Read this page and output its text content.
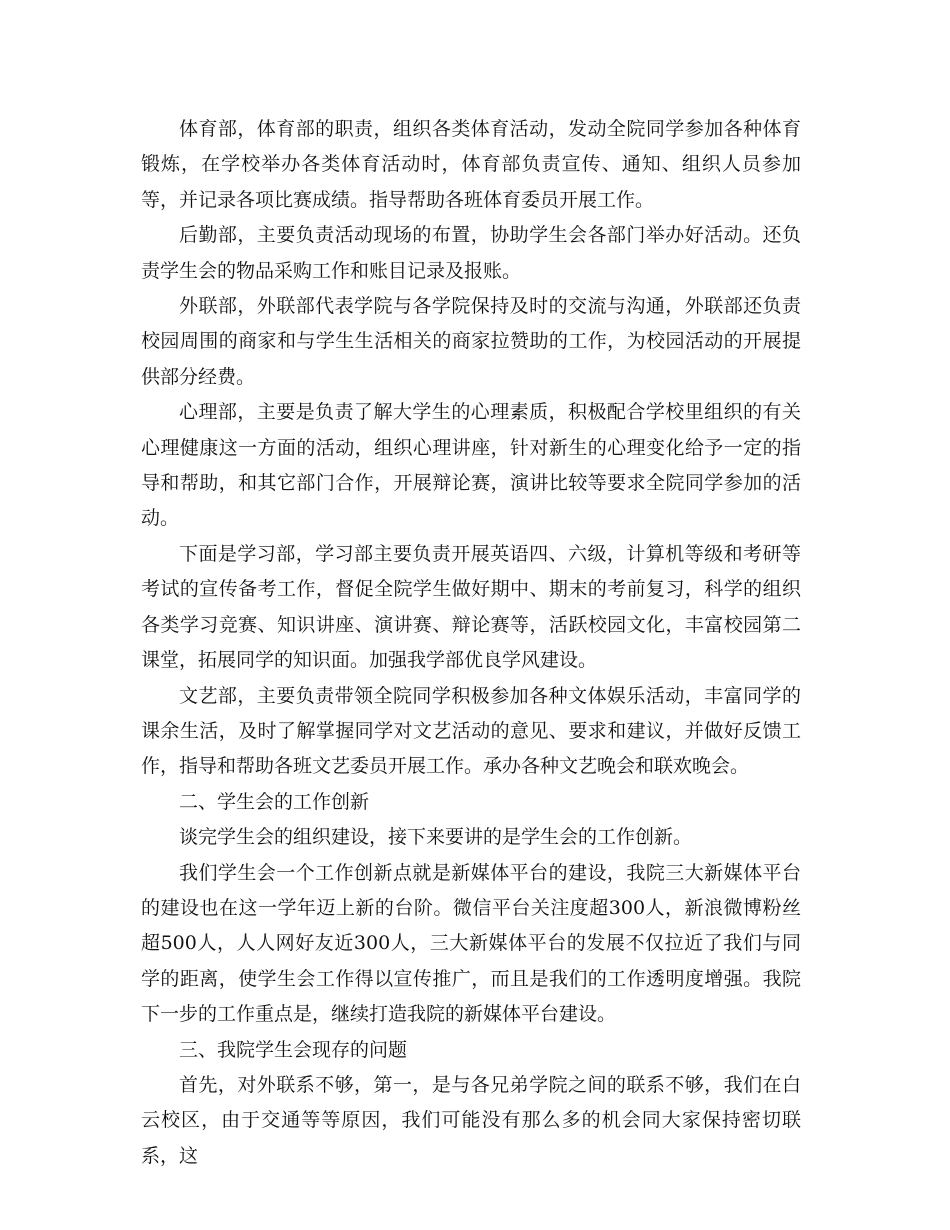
体育部，体育部的职责，组织各类体育活动，发动全院同学参加各种体育锻炼，在学校举办各类体育活动时，体育部负责宣传、通知、组织人员参加等，并记录各项比赛成绩。指导帮助各班体育委员开展工作。

后勤部，主要负责活动现场的布置，协助学生会各部门举办好活动。还负责学生会的物品采购工作和账目记录及报账。

外联部，外联部代表学院与各学院保持及时的交流与沟通，外联部还负责校园周围的商家和与学生生活相关的商家拉赞助的工作，为校园活动的开展提供部分经费。

心理部，主要是负责了解大学生的心理素质，积极配合学校里组织的有关心理健康这一方面的活动，组织心理讲座，针对新生的心理变化给予一定的指导和帮助，和其它部门合作，开展辩论赛，演讲比较等要求全院同学参加的活动。

下面是学习部，学习部主要负责开展英语四、六级，计算机等级和考研等考试的宣传备考工作，督促全院学生做好期中、期末的考前复习，科学的组织各类学习竞赛、知识讲座、演讲赛、辩论赛等，活跃校园文化，丰富校园第二课堂，拓展同学的知识面。加强我学部优良学风建设。

文艺部，主要负责带领全院同学积极参加各种文体娱乐活动，丰富同学的课余生活，及时了解掌握同学对文艺活动的意见、要求和建议，并做好反馈工作，指导和帮助各班文艺委员开展工作。承办各种文艺晚会和联欢晚会。

二、学生会的工作创新

谈完学生会的组织建设，接下来要讲的是学生会的工作创新。

我们学生会一个工作创新点就是新媒体平台的建设，我院三大新媒体平台的建设也在这一学年迈上新的台阶。微信平台关注度超300人，新浪微博粉丝超500人，人人网好友近300人，三大新媒体平台的发展不仅拉近了我们与同学的距离，使学生会工作得以宣传推广，而且是我们的工作透明度增强。我院下一步的工作重点是，继续打造我院的新媒体平台建设。

三、我院学生会现存的问题

首先，对外联系不够，第一，是与各兄弟学院之间的联系不够，我们在白云校区，由于交通等等原因，我们可能没有那么多的机会同大家保持密切联系，这
